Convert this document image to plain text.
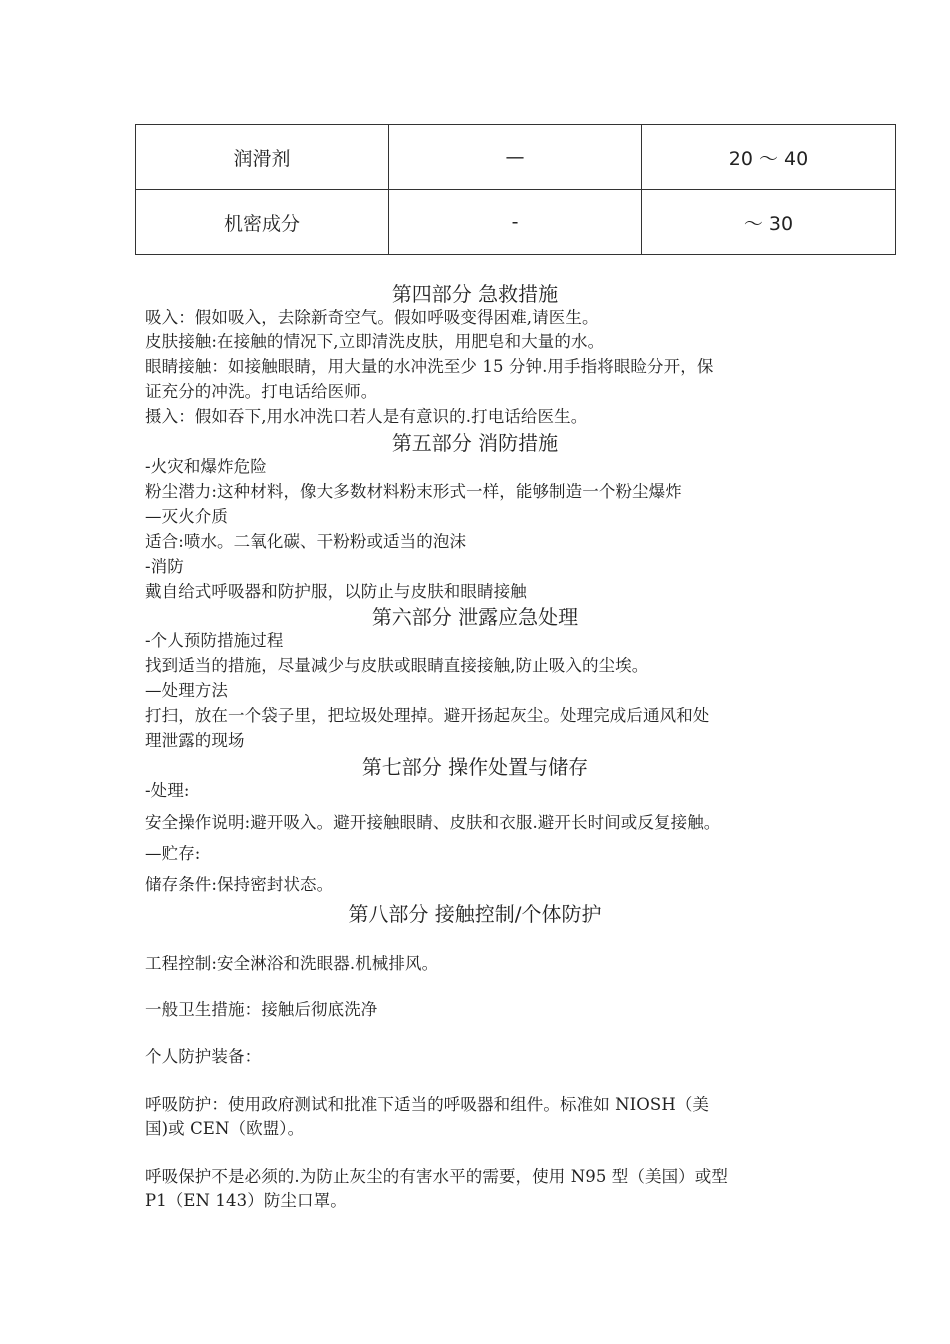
润滑剂	—	20 ～ 40
机密成分	-	～ 30
第四部分 急救措施
吸入：假如吸入，去除新奇空气。假如呼吸变得困难,请医生。
皮肤接触:在接触的情况下,立即清洗皮肤，用肥皂和大量的水。
眼睛接触：如接触眼睛，用大量的水冲洗至少 15 分钟.用手指将眼睑分开，保
证充分的冲洗。打电话给医师。
摄入：假如吞下,用水冲洗口若人是有意识的.打电话给医生。
第五部分 消防措施
-火灾和爆炸危险
粉尘潜力:这种材料，像大多数材料粉末形式一样，能够制造一个粉尘爆炸
—灭火介质
适合:喷水。二氧化碳、干粉粉或适当的泡沫
-消防
戴自给式呼吸器和防护服，以防止与皮肤和眼睛接触
第六部分 泄露应急处理
-个人预防措施过程
找到适当的措施，尽量减少与皮肤或眼睛直接接触,防止吸入的尘埃。
—处理方法
打扫，放在一个袋子里，把垃圾处理掉。避开扬起灰尘。处理完成后通风和处
理泄露的现场
第七部分 操作处置与储存
-处理:
安全操作说明:避开吸入。避开接触眼睛、皮肤和衣服.避开长时间或反复接触。
—贮存:
储存条件:保持密封状态。
第八部分 接触控制/个体防护
工程控制:安全淋浴和洗眼器.机械排风。
一般卫生措施：接触后彻底洗净
个人防护装备：
呼吸防护：使用政府测试和批准下适当的呼吸器和组件。标准如 NIOSH（美
国)或 CEN（欧盟）。
呼吸保护不是必须的.为防止灰尘的有害水平的需要，使用 N95 型（美国）或型
P1（EN 143）防尘口罩。
